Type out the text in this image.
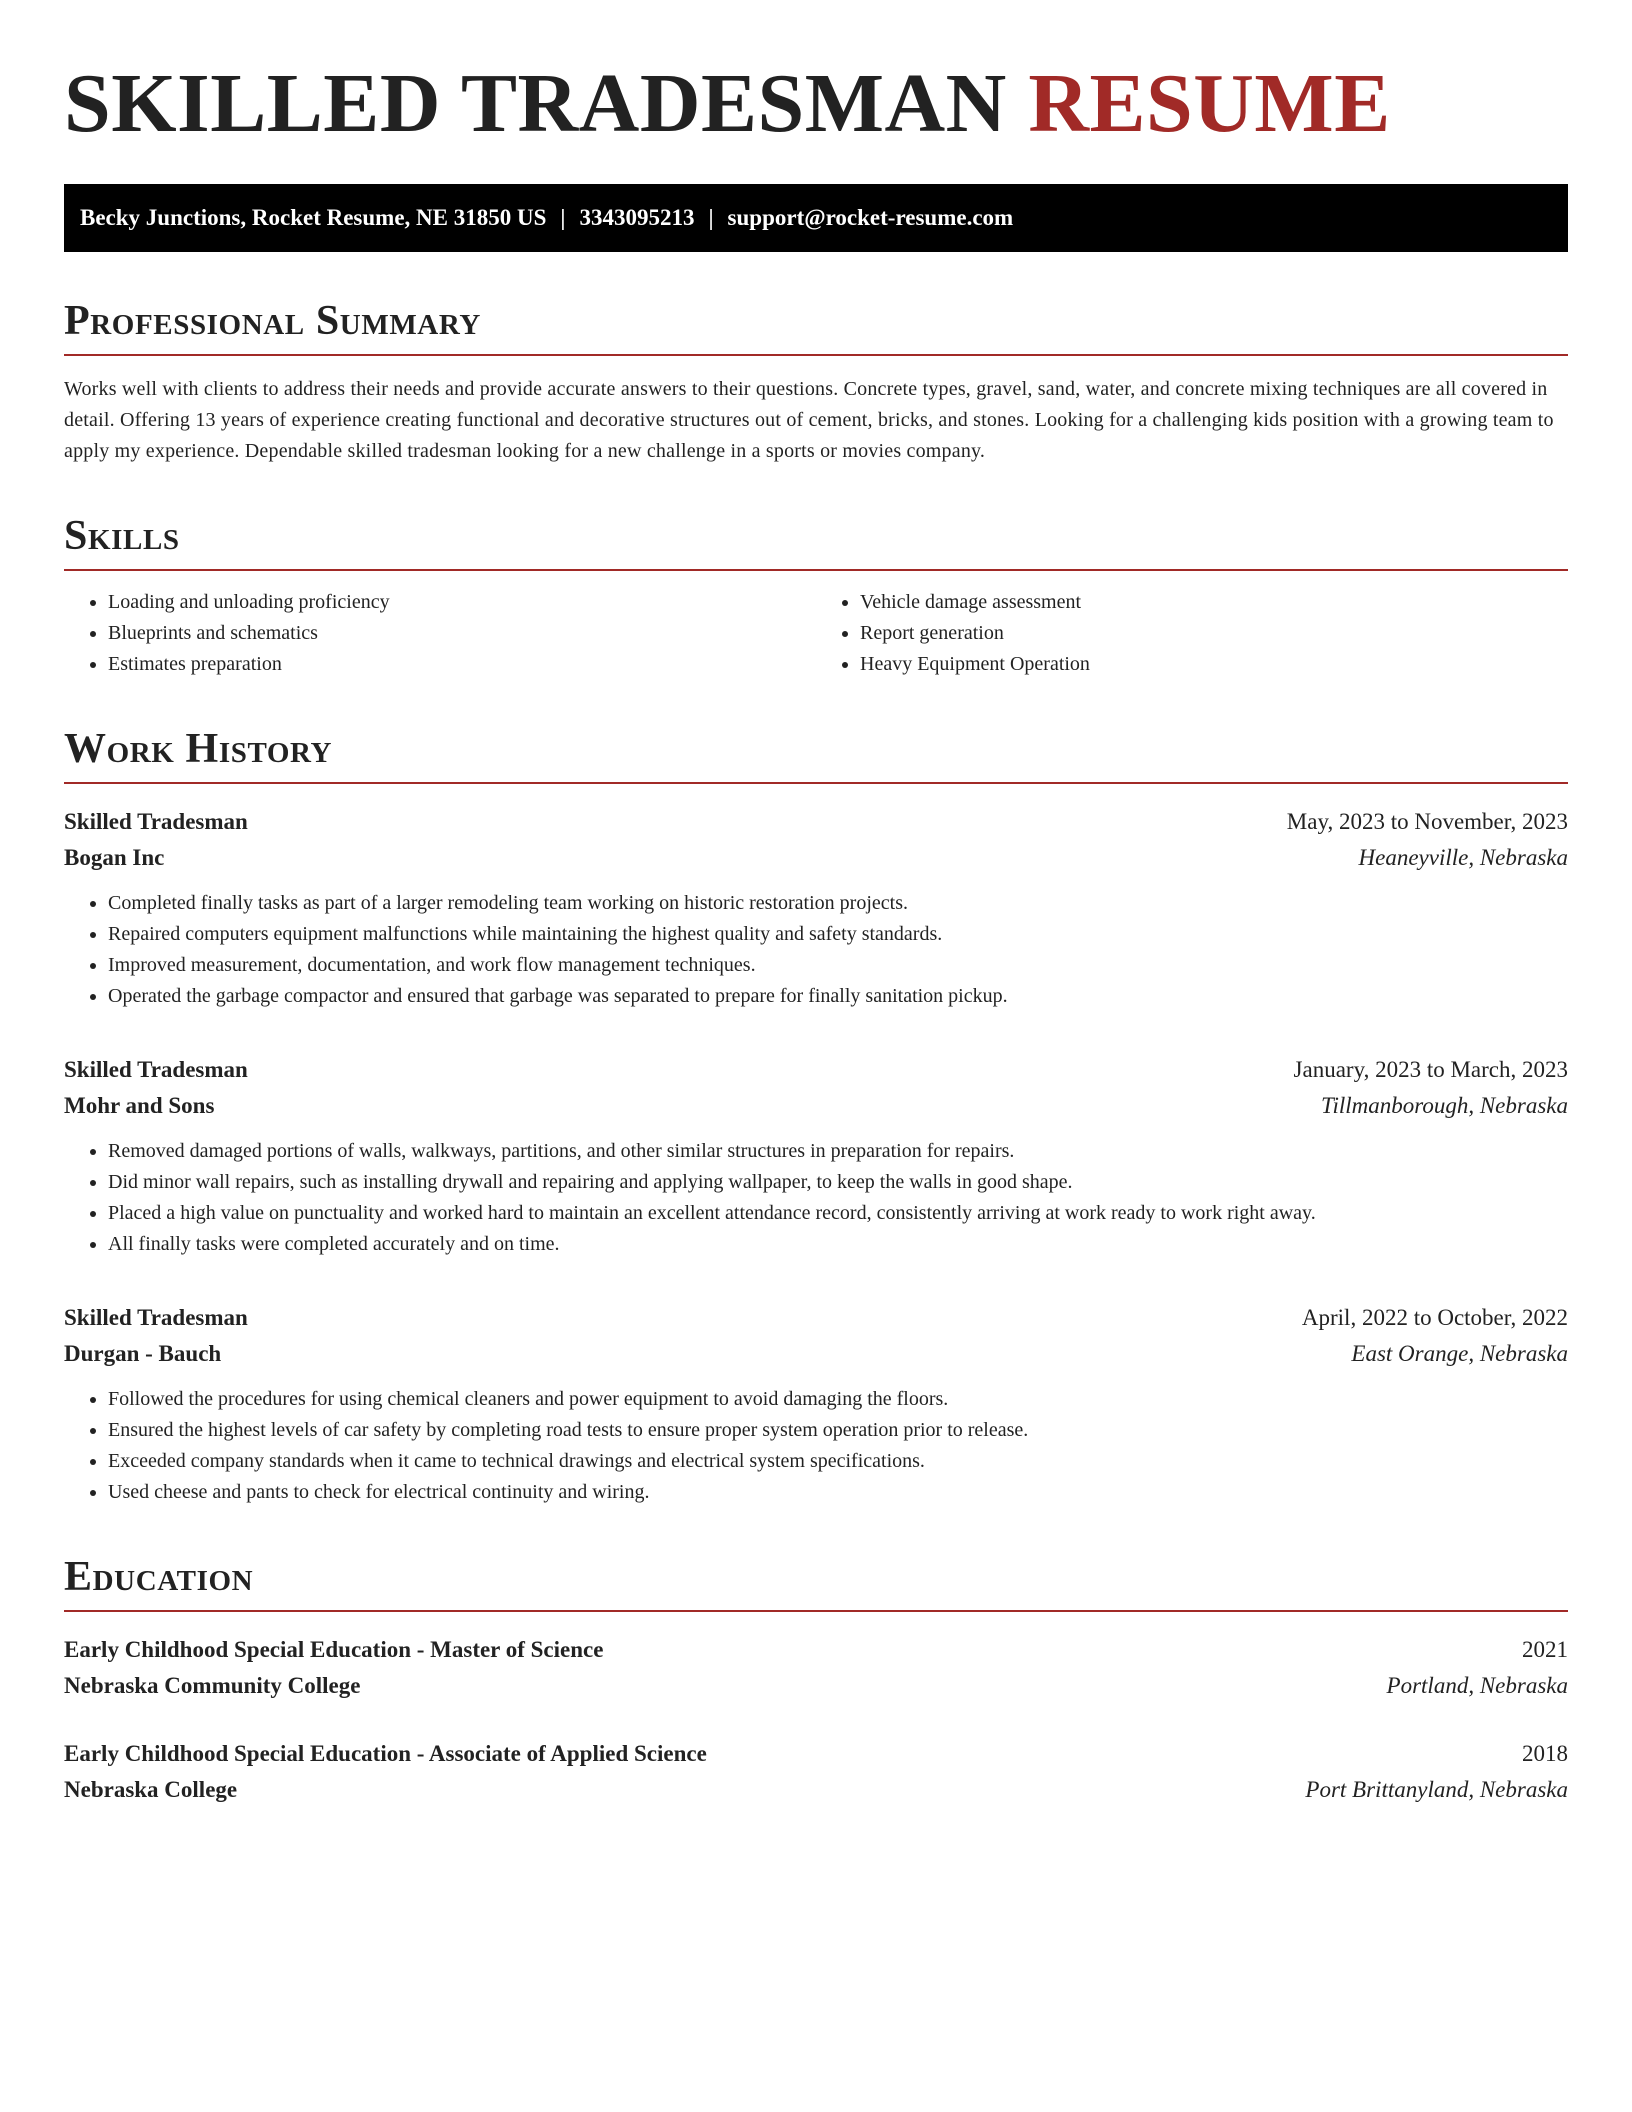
SKILLED TRADESMAN RESUME
Becky Junctions, Rocket Resume, NE 31850 US | 3343095213 | support@rocket-resume.com
Professional Summary

Works well with clients to address their needs and provide accurate answers to their questions. Concrete types, gravel, sand, water, and concrete mixing techniques are all covered in detail. Offering 13 years of experience creating functional and decorative structures out of cement, bricks, and stones. Looking for a challenging kids position with a growing team to apply my experience. Dependable skilled tradesman looking for a new challenge in a sports or movies company.

Skills
• Loading and unloading proficiency
• Blueprints and schematics
• Estimates preparation
• Vehicle damage assessment
• Report generation
• Heavy Equipment Operation
Work History
Skilled Tradesman	May, 2023 to November, 2023
Bogan Inc	Heaneyville, Nebraska
• Completed finally tasks as part of a larger remodeling team working on historic restoration projects.
• Repaired computers equipment malfunctions while maintaining the highest quality and safety standards.
• Improved measurement, documentation, and work flow management techniques.
• Operated the garbage compactor and ensured that garbage was separated to prepare for finally sanitation pickup.
Skilled Tradesman	January, 2023 to March, 2023
Mohr and Sons	Tillmanborough, Nebraska
• Removed damaged portions of walls, walkways, partitions, and other similar structures in preparation for repairs.
• Did minor wall repairs, such as installing drywall and repairing and applying wallpaper, to keep the walls in good shape.
• Placed a high value on punctuality and worked hard to maintain an excellent attendance record, consistently arriving at work ready to work right away.
• All finally tasks were completed accurately and on time.
Skilled Tradesman	April, 2022 to October, 2022
Durgan - Bauch	East Orange, Nebraska
• Followed the procedures for using chemical cleaners and power equipment to avoid damaging the floors.
• Ensured the highest levels of car safety by completing road tests to ensure proper system operation prior to release.
• Exceeded company standards when it came to technical drawings and electrical system specifications.
• Used cheese and pants to check for electrical continuity and wiring.
Education
Early Childhood Special Education - Master of Science	2021
Nebraska Community College	Portland, Nebraska
Early Childhood Special Education - Associate of Applied Science	2018
Nebraska College	Port Brittanyland, Nebraska
